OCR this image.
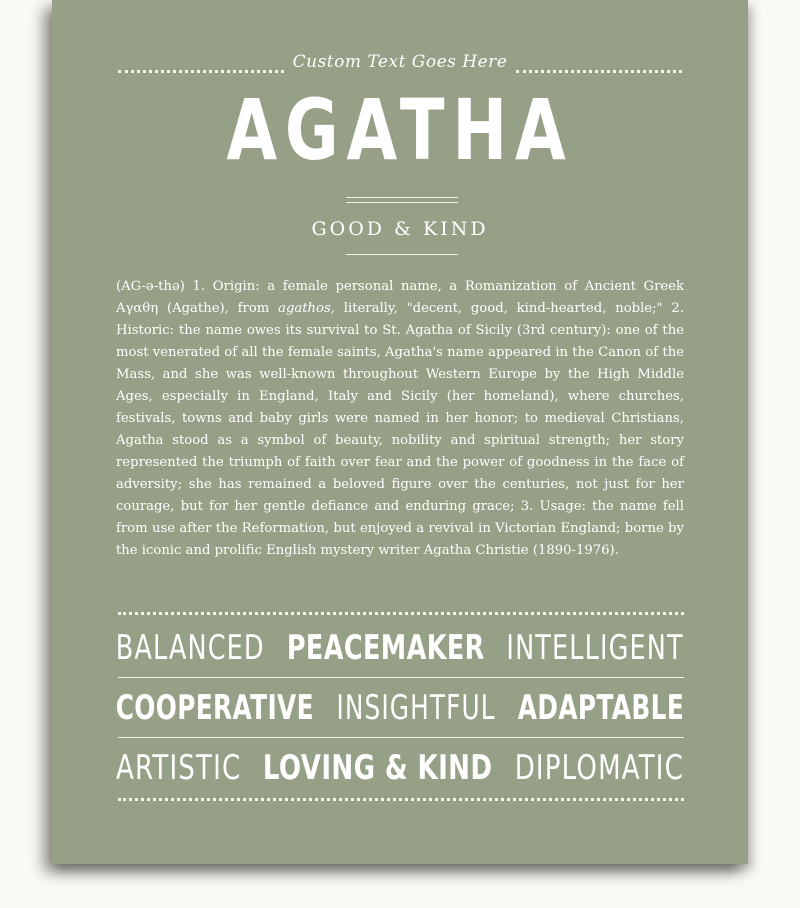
Custom Text Goes Here
AGATHA
GOOD & KIND

(AG-ə-thə) 1. Origin: a female personal name, a Romanization of Ancient Greek Αγαθη (Agathe), from agathos, literally, "decent, good, kind-hearted, noble;" 2. Historic: the name owes its survival to St. Agatha of Sicily (3rd century): one of the most venerated of all the female saints, Agatha's name appeared in the Canon of the Mass, and she was well-known throughout Western Europe by the High Middle Ages, especially in England, Italy and Sicily (her homeland), where churches, festivals, towns and baby girls were named in her honor; to medieval Christians, Agatha stood as a symbol of beauty, nobility and spiritual strength; her story represented the triumph of faith over fear and the power of goodness in the face of adversity; she has remained a beloved figure over the centuries, not just for her courage, but for her gentle defiance and enduring grace; 3. Usage: the name fell from use after the Reformation, but enjoyed a revival in Victorian England; borne by the iconic and prolific English mystery writer Agatha Christie (1890-1976).

BALANCED PEACEMAKER INTELLIGENT
COOPERATIVE INSIGHTFUL ADAPTABLE
ARTISTIC LOVING & KIND DIPLOMATIC
